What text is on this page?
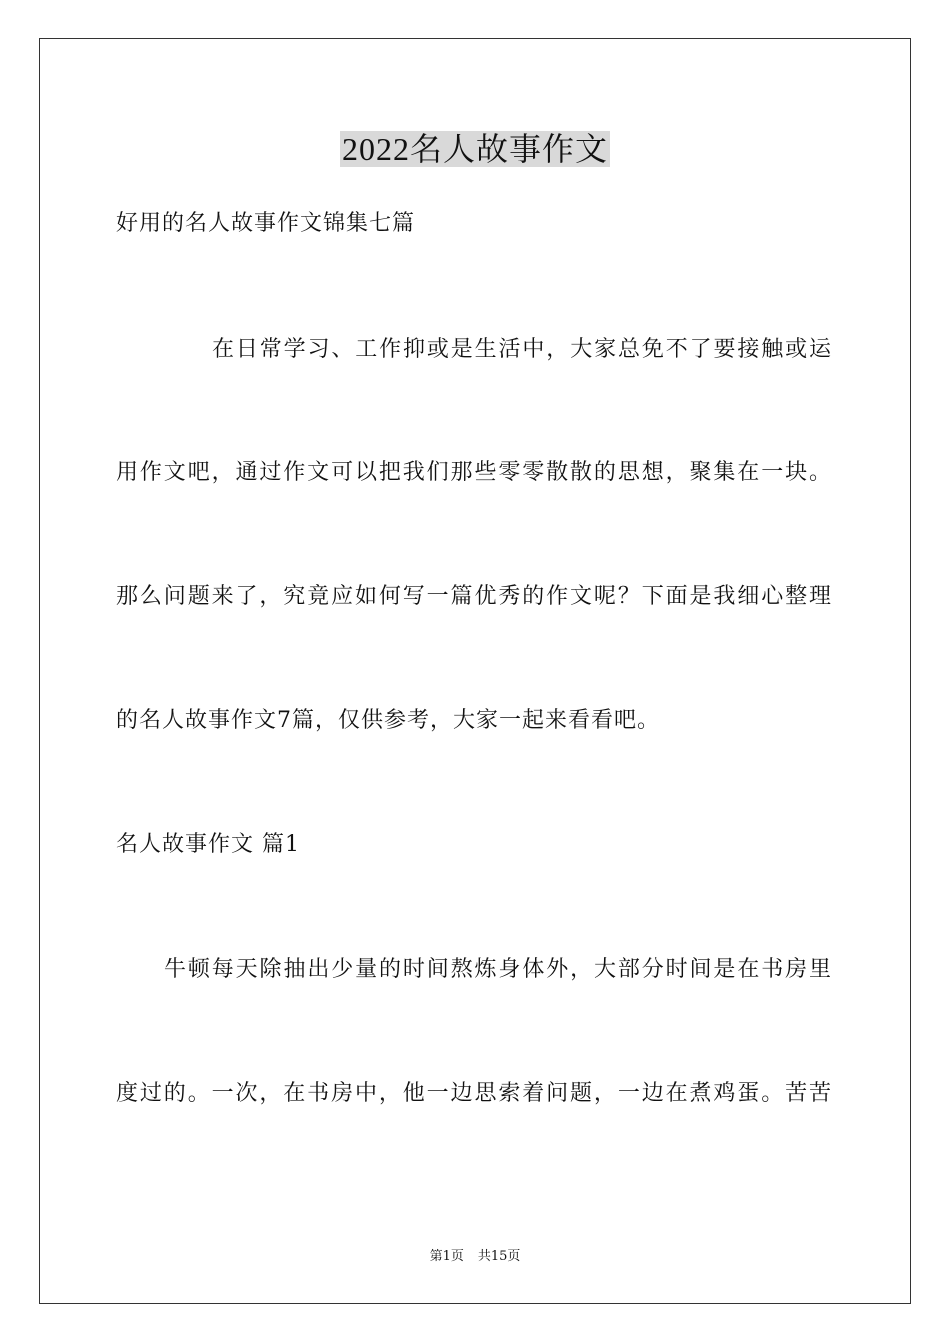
2022名人故事作文
好用的名人故事作文锦集七篇
在日常学习、工作抑或是生活中，大家总免不了要接触或运
用作文吧，通过作文可以把我们那些零零散散的思想，聚集在一块。
那么问题来了，究竟应如何写一篇优秀的作文呢？下面是我细心整理
的名人故事作文7篇，仅供参考，大家一起来看看吧。
名人故事作文 篇1
牛顿每天除抽出少量的时间熬炼身体外，大部分时间是在书房里
度过的。一次，在书房中，他一边思索着问题，一边在煮鸡蛋。苦苦
第1页 共15页
